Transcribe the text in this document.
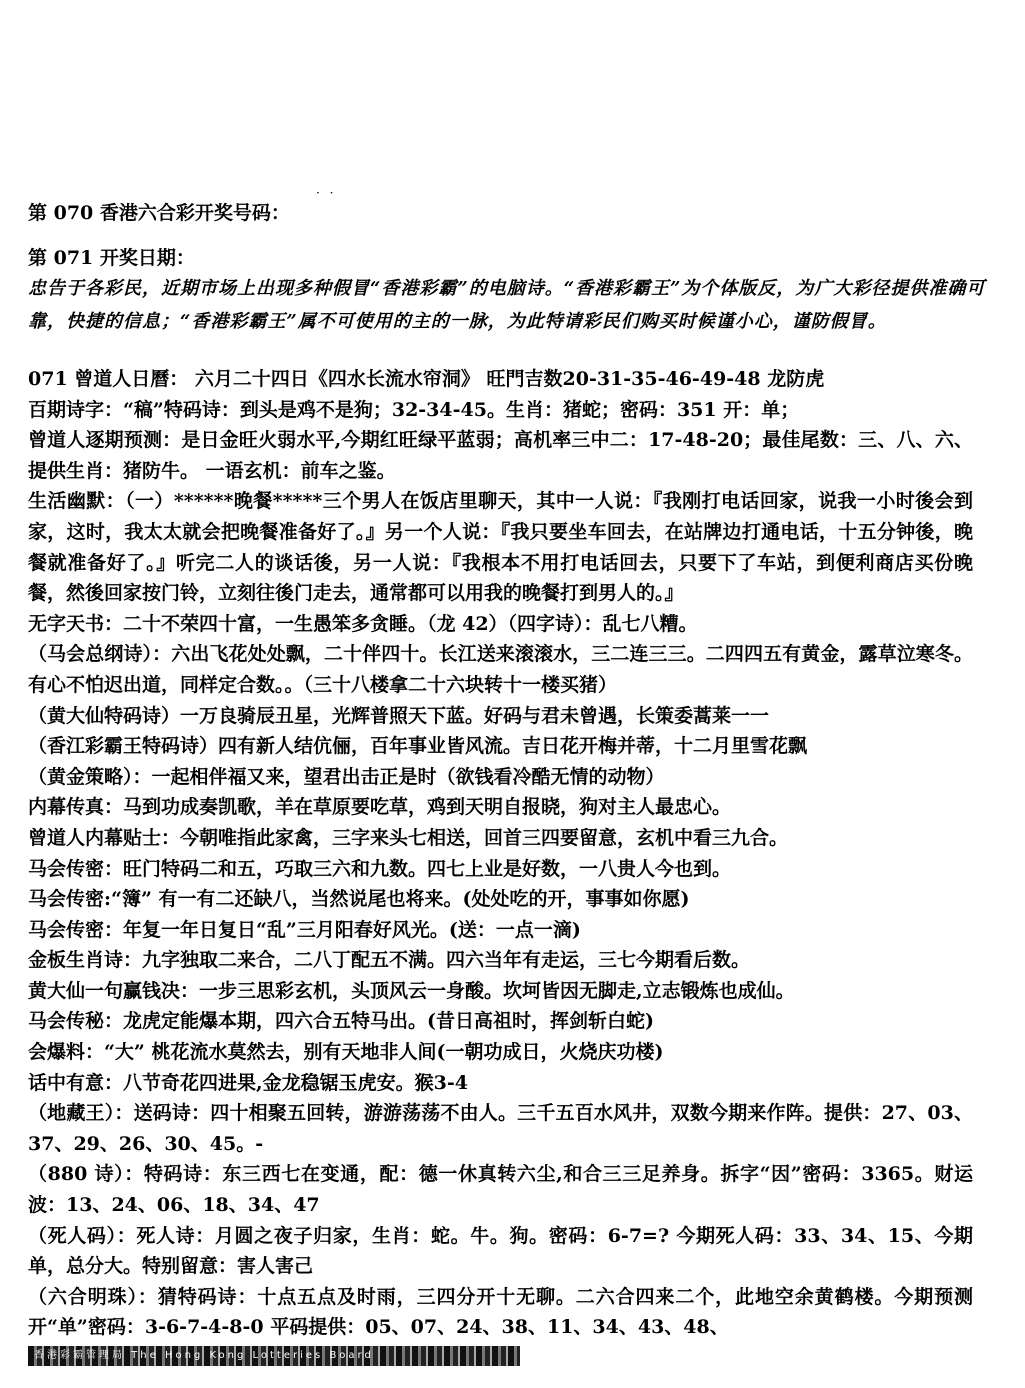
· ·
第 070 香港六合彩开奖号码：
第 071 开奖日期：
忠告于各彩民，近期市场上出现多种假冒“香港彩霸”的电脑诗。“香港彩霸王”为个体版反，为广大彩径提供准确可靠，快捷的信息；“香港彩霸王”属不可使用的主的一脉，为此特请彩民们购买时候谨小心，谨防假冒。

071 曾道人日曆： 六月二十四日《四水长流水帘洞》 旺門吉数20-31-35-46-49-48 龙防虎

百期诗字：“稿”特码诗：到头是鸡不是狗；32-34-45。生肖：猪蛇；密码：351 开：单；

曾道人逐期预测：是日金旺火弱水平,今期红旺绿平蓝弱；高机率三中二：17-48-20；最佳尾数：三、八、六、提供生肖：猪防牛。 一语玄机：前车之鉴。

生活幽默：（一）******晚餐*****三个男人在饭店里聊天，其中一人说：『我刚打电话回家，说我一小时後会到家，这时，我太太就会把晚餐准备好了。』另一个人说：『我只要坐车回去，在站牌边打通电话，十五分钟後，晚餐就准备好了。』听完二人的谈话後，另一人说：『我根本不用打电话回去，只要下了车站，到便利商店买份晚餐，然後回家按门铃，立刻往後门走去，通常都可以用我的晚餐打到男人的。』

无字天书：二十不荣四十富，一生愚笨多贪睡。（龙 42）（四字诗）：乱七八糟。

（马会总纲诗）：六出飞花处处飘，二十伴四十。长江送来滚滚水，三二连三三。二四四五有黄金，露草泣寒冬。有心不怕迟出道，同样定合数。。（三十八楼拿二十六块转十一楼买猪）

（黄大仙特码诗）一万良骑辰丑星，光辉普照天下蓝。好码与君未曾遇，长策委蒿莱一一

（香江彩霸王特码诗）四有新人结伉俪，百年事业皆风流。吉日花开梅并蒂，十二月里雪花飘

（黄金策略）：一起相伴福又来，望君出击正是时（欲钱看冷酷无情的动物）

内幕传真：马到功成奏凯歌，羊在草原要吃草，鸡到天明自报晓，狗对主人最忠心。

曾道人内幕贴士：今朝唯指此家禽，三字来头七相送，回首三四要留意，玄机中看三九合。

马会传密：旺门特码二和五，巧取三六和九数。四七上业是好数，一八贵人今也到。

马会传密:“簿” 有一有二还缺八，当然说尾也将来。(处处吃的开，事事如你愿)

马会传密：年复一年日复日“乱”三月阳春好风光。(送：一点一滴)

金板生肖诗：九字独取二来合，二八丁配五不满。四六当年有走运，三七今期看后数。

黄大仙一句赢钱决：一步三思彩玄机，头顶风云一身酸。坎坷皆因无脚走,立志锻炼也成仙。

马会传秘：龙虎定能爆本期，四六合五特马出。(昔日高祖时，挥剑斩白蛇)

会爆料：“大” 桃花流水莫然去，别有天地非人间(一朝功成日，火烧庆功楼)

话中有意：八节奇花四进果,金龙稳锯玉虎安。猴3-4

（地藏王）：送码诗：四十相聚五回转，游游荡荡不由人。三千五百水风井，双数今期来作阵。提供：27、03、37、29、26、30、45。-

（880 诗）：特码诗：东三西七在变通，配：德一休真转六尘,和合三三足养身。拆字“因”密码：3365。财运波：13、24、06、18、34、47

（死人码）：死人诗：月圆之夜子归家，生肖：蛇。牛。狗。密码：6-7=? 今期死人码：33、34、15、今期单，总分大。特别留意：害人害己

（六合明珠）：猜特码诗：十点五点及时雨，三四分开十无聊。二六合四来二个，此地空余黄鹤楼。今期预测开“单”密码：3-6-7-4-8-0 平码提供：05、07、24、38、11、34、43、48、

香港彩霸管理局 The Hong Kong Lotteries Board
